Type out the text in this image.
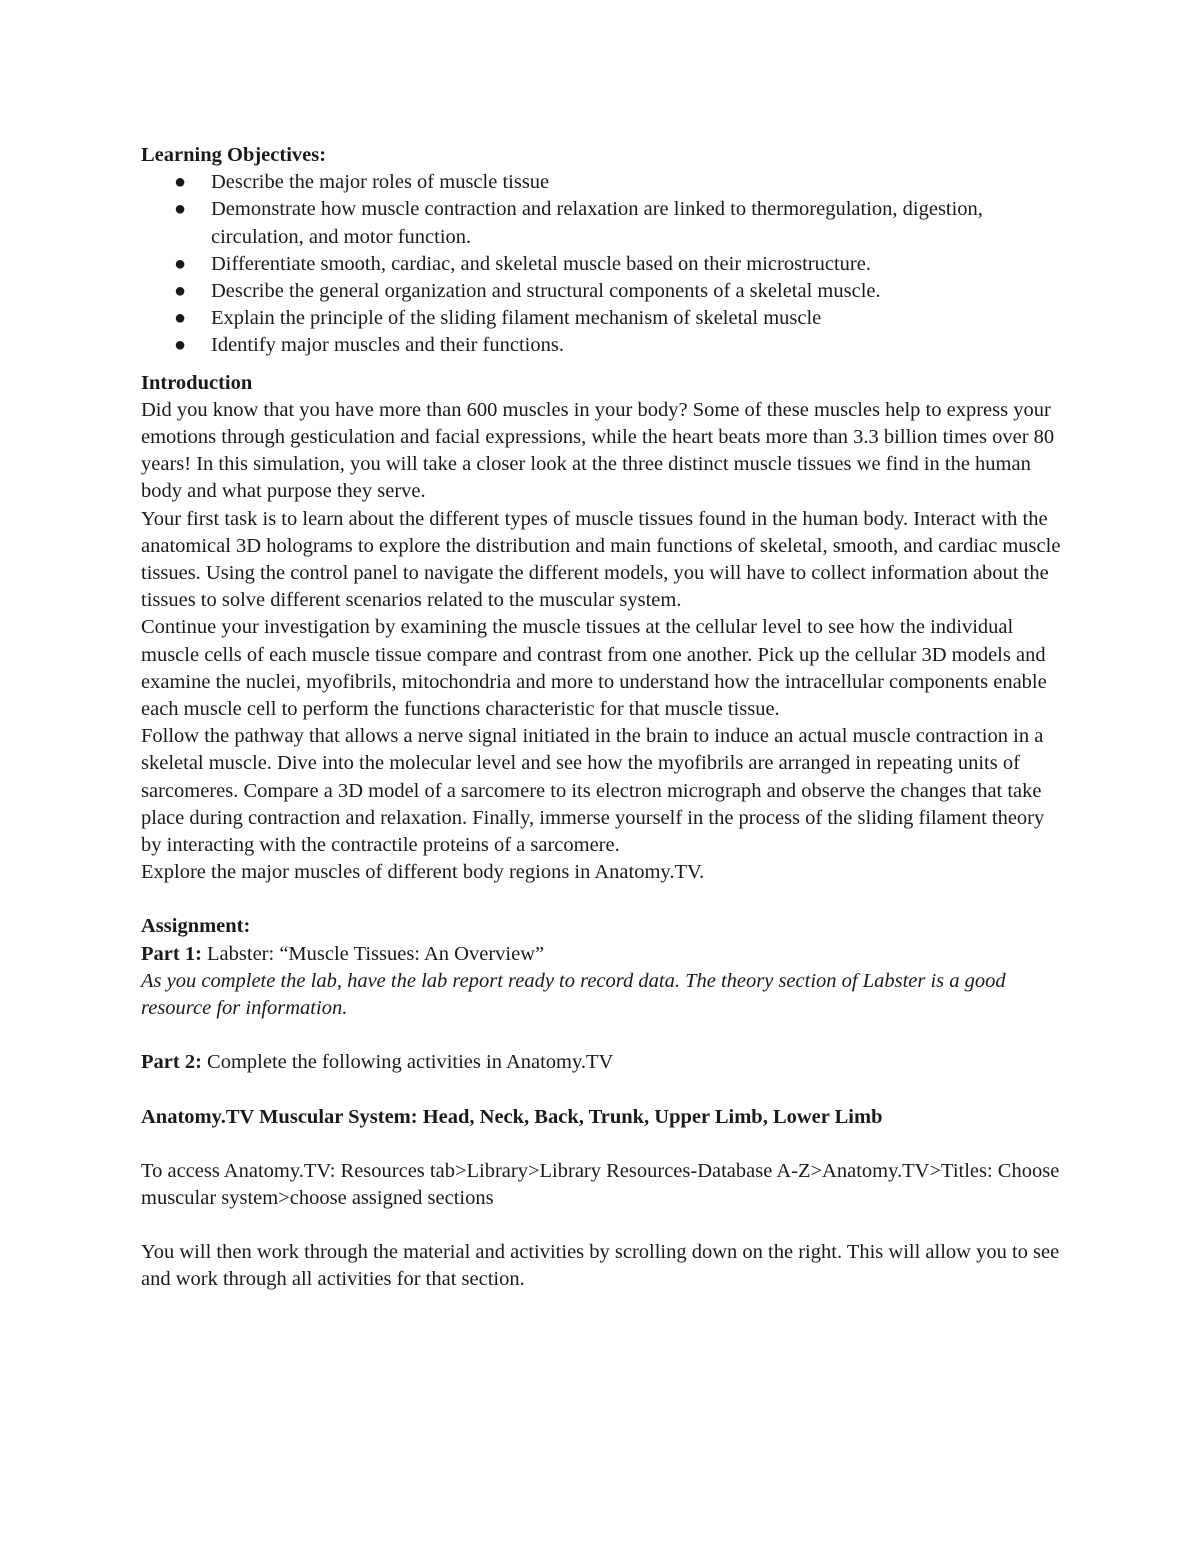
Learning Objectives:
● Describe the major roles of muscle tissue
● Demonstrate how muscle contraction and relaxation are linked to thermoregulation, digestion, circulation, and motor function.
● Differentiate smooth, cardiac, and skeletal muscle based on their microstructure.
● Describe the general organization and structural components of a skeletal muscle.
● Explain the principle of the sliding filament mechanism of skeletal muscle
● Identify major muscles and their functions.
Introduction

Did you know that you have more than 600 muscles in your body? Some of these muscles help to express your emotions through gesticulation and facial expressions, while the heart beats more than 3.3 billion times over 80 years! In this simulation, you will take a closer look at the three distinct muscle tissues we find in the human body and what purpose they serve.

Your first task is to learn about the different types of muscle tissues found in the human body. Interact with the anatomical 3D holograms to explore the distribution and main functions of skeletal, smooth, and cardiac muscle tissues. Using the control panel to navigate the different models, you will have to collect information about the tissues to solve different scenarios related to the muscular system.

Continue your investigation by examining the muscle tissues at the cellular level to see how the individual muscle cells of each muscle tissue compare and contrast from one another. Pick up the cellular 3D models and examine the nuclei, myofibrils, mitochondria and more to understand how the intracellular components enable each muscle cell to perform the functions characteristic for that muscle tissue.

Follow the pathway that allows a nerve signal initiated in the brain to induce an actual muscle contraction in a skeletal muscle. Dive into the molecular level and see how the myofibrils are arranged in repeating units of sarcomeres. Compare a 3D model of a sarcomere to its electron micrograph and observe the changes that take place during contraction and relaxation. Finally, immerse yourself in the process of the sliding filament theory by interacting with the contractile proteins of a sarcomere.

Explore the major muscles of different body regions in Anatomy.TV.

Assignment:

Part 1: Labster: “Muscle Tissues: An Overview”

As you complete the lab, have the lab report ready to record data. The theory section of Labster is a good resource for information.

Part 2: Complete the following activities in Anatomy.TV

Anatomy.TV Muscular System: Head, Neck, Back, Trunk, Upper Limb, Lower Limb

To access Anatomy.TV: Resources tab>Library>Library Resources-Database A-Z>Anatomy.TV>Titles: Choose muscular system>choose assigned sections

You will then work through the material and activities by scrolling down on the right. This will allow you to see and work through all activities for that section.
